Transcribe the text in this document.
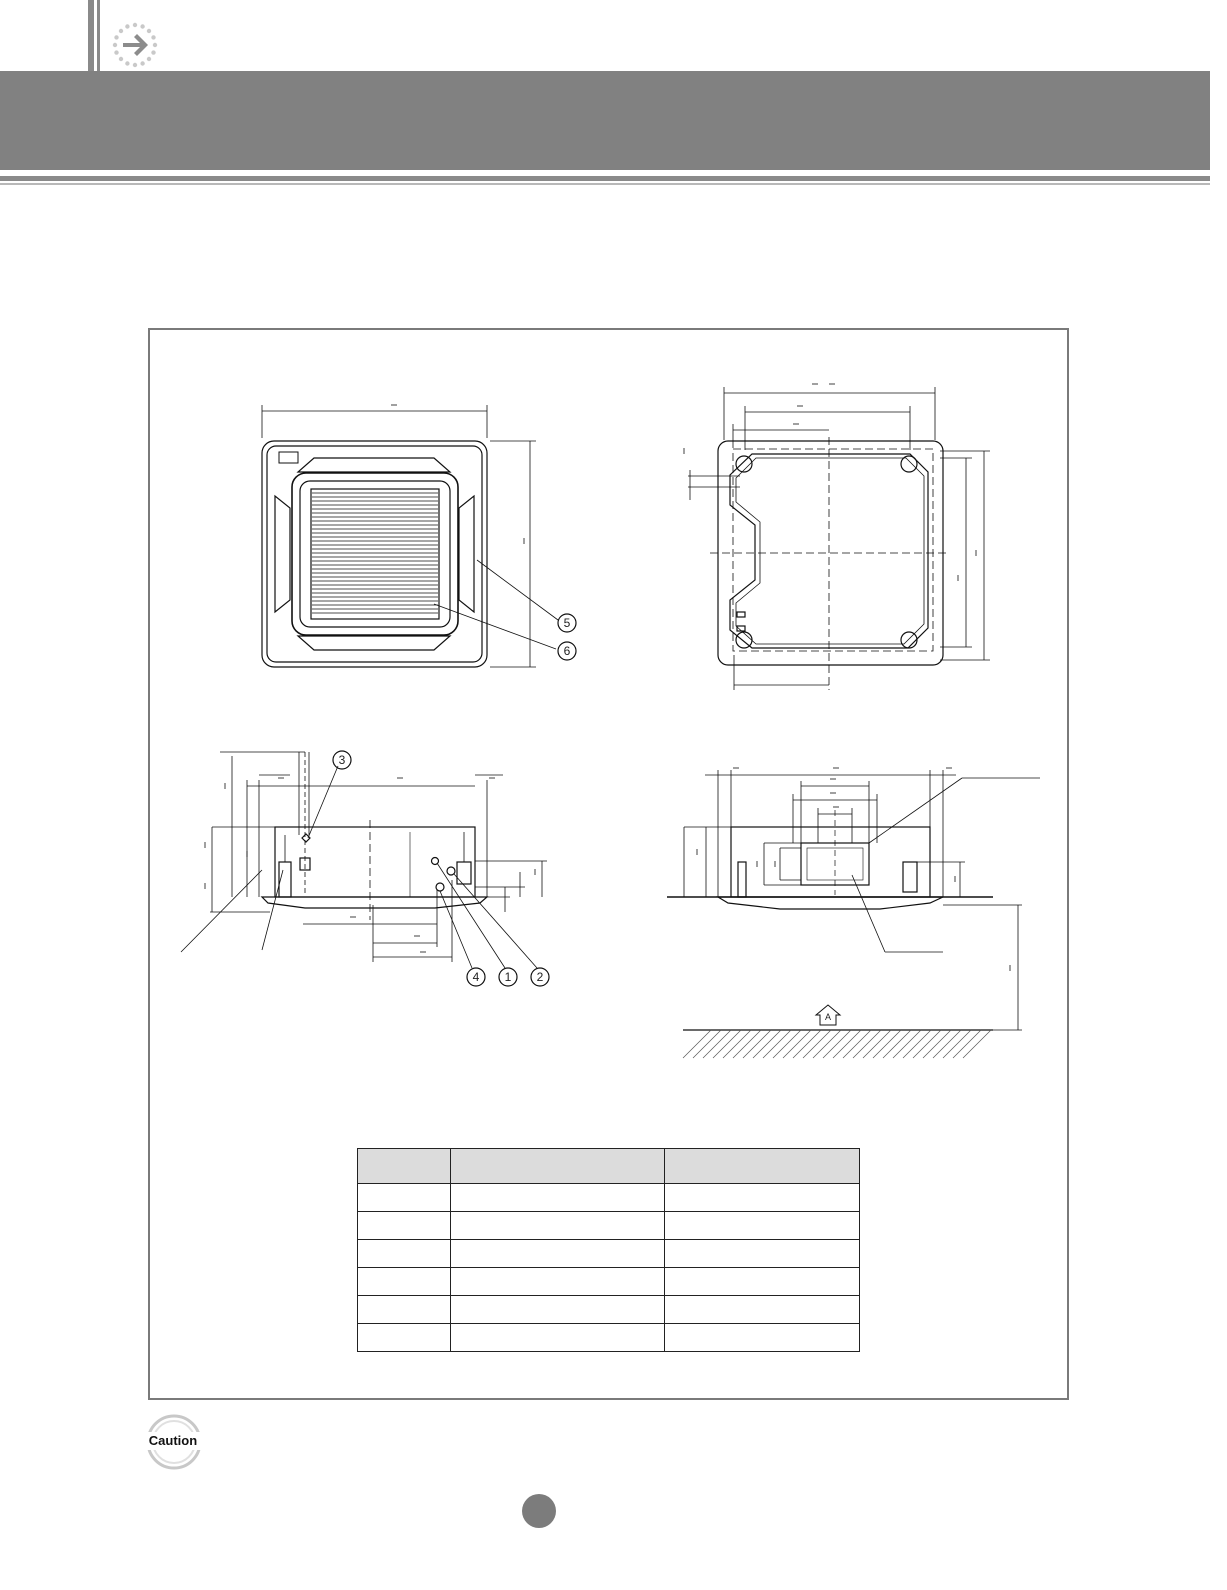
5
6
3
4 1 2
A

Caution
